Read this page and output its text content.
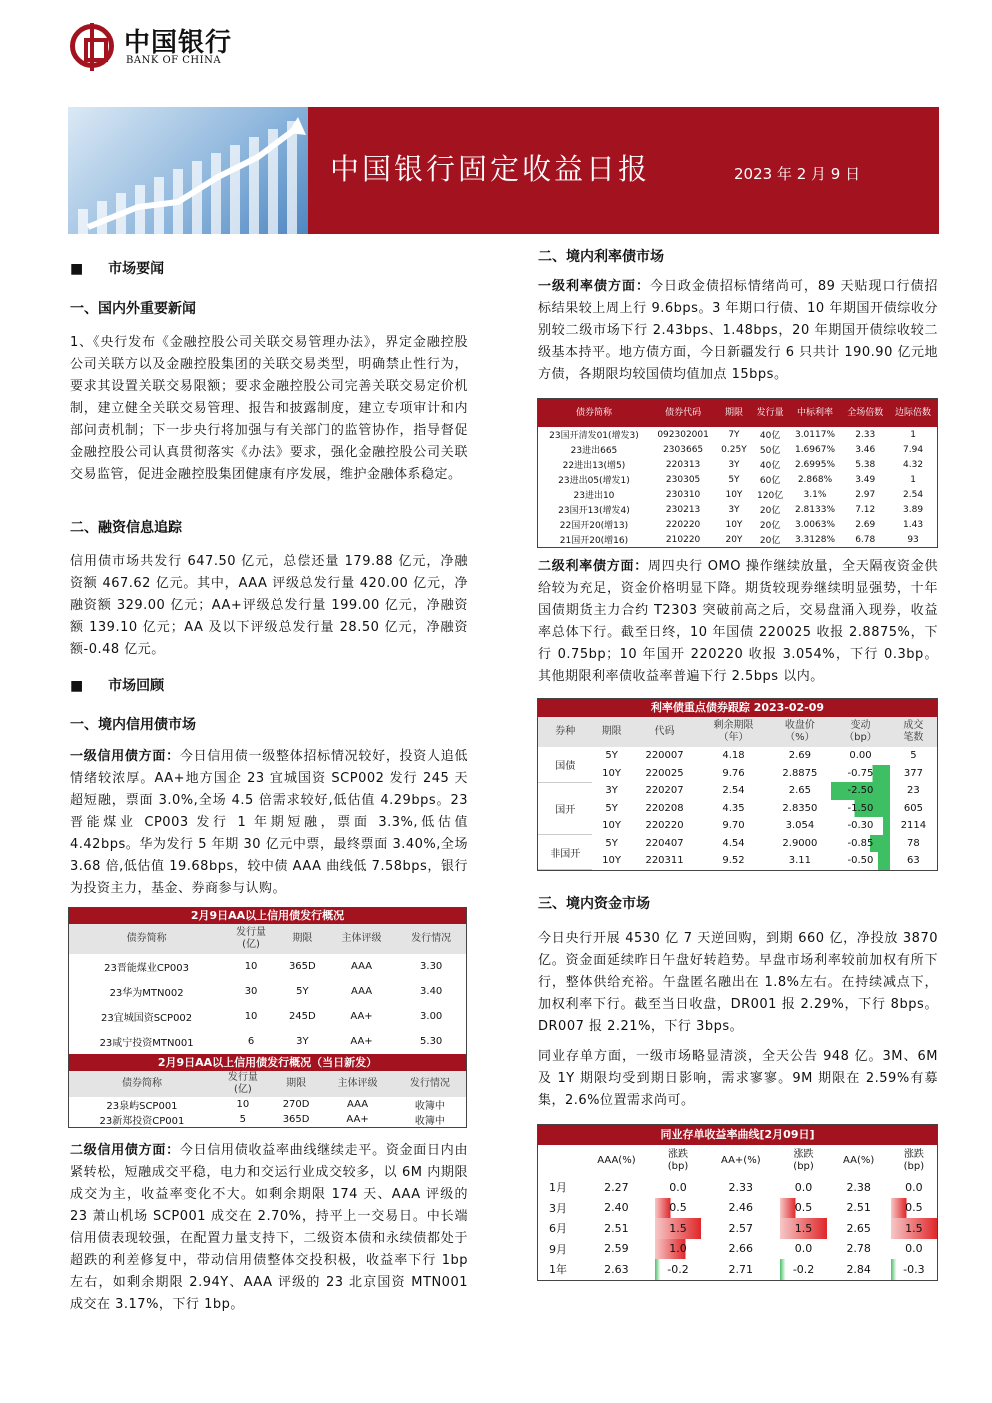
中国银行
BANK OF CHINA
中国银行固定收益日报	2023 年 2 月 9 日
■ 市场要闻
一、国内外重要新闻
1、《央行发布《金融控股公司关联交易管理办法》，界定金融控股公司关联方以及金融控股集团的关联交易类型，明确禁止性行为，要求其设置关联交易限额；要求金融控股公司完善关联交易定价机制，建立健全关联交易管理、报告和披露制度，建立专项审计和内部问责机制；下一步央行将加强与有关部门的监管协作，指导督促金融控股公司认真贯彻落实《办法》要求，强化金融控股公司关联交易监管，促进金融控股集团健康有序发展，维护金融体系稳定。
二、融资信息追踪
信用债市场共发行 647.50 亿元，总偿还量 179.88 亿元，净融资额 467.62 亿元。其中，AAA 评级总发行量 420.00 亿元，净融资额 329.00 亿元；AA+评级总发行量 199.00 亿元，净融资额 139.10 亿元；AA 及以下评级总发行量 28.50 亿元，净融资额-0.48 亿元。
■ 市场回顾
一、境内信用债市场
一级信用债方面：今日信用债一级整体招标情况较好，投资人追低情绪较浓厚。AA+地方国企 23 宜城国资 SCP002 发行 245 天超短融，票面 3.0%,全场 4.5 倍需求较好,低估值 4.29bps。23 晋能煤业 CP003 发行 1 年期短融，票面 3.3%,低估值 4.42bps。华为发行 5 年期 30 亿元中票，最终票面 3.40%,全场 3.68 倍,低估值 19.68bps，较中债 AAA 曲线低 7.58bps，银行为投资主力，基金、券商参与认购。
2月9日AA以上信用债发行概况
债券简称	发行量
(亿)	期限	主体评级	发行情况
23晋能煤业CP003	10	365D	AAA	3.30
23华为MTN002	30	5Y	AAA	3.40
23宜城国资SCP002	10	245D	AA+	3.00
23咸宁投资MTN001	6	3Y	AA+	5.30
2月9日AA以上信用债发行概况（当日新发）
债券简称	发行量
(亿)	期限	主体评级	发行情况
23泉屿SCP001	10	270D	AAA	收簿中
23新郑投资CP001	5	365D	AA+	收簿中
二级信用债方面：今日信用债收益率曲线继续走平。资金面日内由紧转松，短融成交平稳，电力和交运行业成交较多，以 6M 内期限成交为主，收益率变化不大。如剩余期限 174 天、AAA 评级的 23 萧山机场 SCP001 成交在 2.70%，持平上一交易日。中长端信用债表现较强，在配置力量支持下，二级资本债和永续债都处于超跌的利差修复中，带动信用债整体交投积极，收益率下行 1bp 左右，如剩余期限 2.94Y、AAA 评级的 23 北京国资 MTN001 成交在 3.17%，下行 1bp。
二、境内利率债市场
一级利率债方面：今日政金债招标情绪尚可，89 天贴现口行债招标结果较上周上行 9.6bps。3 年期口行债、10 年期国开债综收分别较二级市场下行 2.43bps、1.48bps，20 年期国开债综收较二级基本持平。地方债方面，今日新疆发行 6 只共计 190.90 亿元地方债，各期限均较国债均值加点 15bps。
债券简称	债券代码	期限	发行量	中标利率	全场倍数	边际倍数
23国开清发01(增发3)	092302001	7Y	40亿	3.0117%	2.33	1
23进出665	2303665	0.25Y	50亿	1.6967%	3.46	7.94
22进出13(增5)	220313	3Y	40亿	2.6995%	5.38	4.32
23进出05(增发1)	230305	5Y	60亿	2.868%	3.49	1
23进出10	230310	10Y	120亿	3.1%	2.97	2.54
23国开13(增发4)	230213	3Y	20亿	2.8133%	7.12	3.89
22国开20(增13)	220220	10Y	20亿	3.0063%	2.69	1.43
21国开20(增16)	210220	20Y	20亿	3.3128%	6.78	93
二级利率债方面：周四央行 OMO 操作继续放量，全天隔夜资金供给较为充足，资金价格明显下降。期货较现券继续明显强势，十年国债期货主力合约 T2303 突破前高之后，交易盘涌入现券，收益率总体下行。截至日终，10 年国债 220025 收报 2.8875%，下行 0.75bp；10 年国开 220220 收报 3.054%，下行 0.3bp。其他期限利率债收益率普遍下行 2.5bps 以内。
利率债重点债券跟踪 2023-02-09
券种	期限	代码	剩余期限
（年）	收盘价
（%）	变动
（bp）	成交
笔数
国债	5Y	220007	4.18	2.69	0.00	5
	10Y	220025	9.76	2.8875	-0.75	377
国开	3Y	220207	2.54	2.65	-2.50	23
	5Y	220208	4.35	2.8350	-1.50	605
	10Y	220220	9.70	3.054	-0.30	2114
非国开	5Y	220407	4.54	2.9000	-0.85	78
	10Y	220311	9.52	3.11	-0.50	63
三、境内资金市场
今日央行开展 4530 亿 7 天逆回购，到期 660 亿，净投放 3870 亿。资金面延续昨日午盘好转趋势。早盘市场利率较前加权有所下行，整体供给充裕。午盘匿名融出在 1.8%左右。在持续减点下，加权利率下行。截至当日收盘，DR001 报 2.29%，下行 8bps。DR007 报 2.21%，下行 3bps。
同业存单方面，一级市场略显清淡，全天公告 948 亿。3M、6M 及 1Y 期限均受到期日影响，需求寥寥。9M 期限在 2.59%有募集，2.6%位置需求尚可。
同业存单收益率曲线[2月09日]
	AAA(%)	涨跌
(bp)	AA+(%)	涨跌
(bp)	AA(%)	涨跌
(bp)
1月	2.27	0.0	2.33	0.0	2.38	0.0
3月	2.40	0.5	2.46	0.5	2.51	0.5
6月	2.51	1.5	2.57	1.5	2.65	1.5
9月	2.59	1.0	2.66	0.0	2.78	0.0
1年	2.63	-0.2	2.71	-0.2	2.84	-0.3
